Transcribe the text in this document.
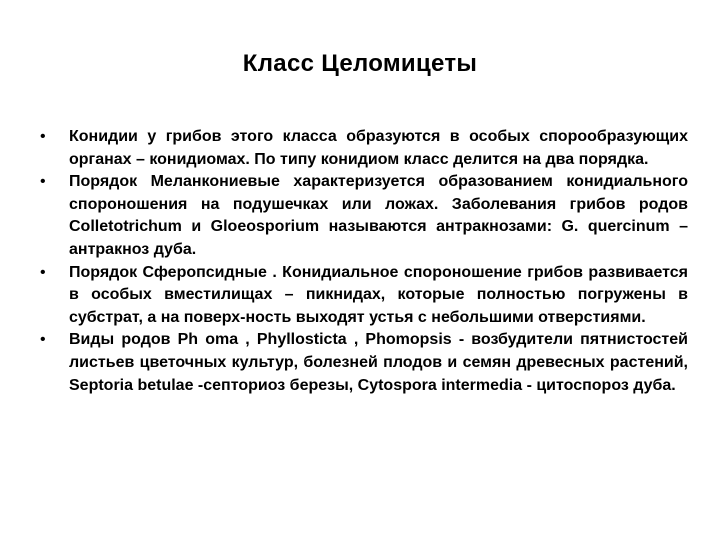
Класс Целомицеты
•	Конидии у грибов этого класса образуются в особых спорообразующих органах – конидиомах. По типу конидиом класс делится на два порядка.
•	Порядок Меланкониевые характеризуется образованием конидиального спороношения на подушечках или ложах. Заболевания грибов родов Colletotrichum и Gloeosporium называются антракнозами: G. quercinum – антракноз дуба.
•	Порядок Сферопсидные . Конидиальное спороношение грибов развивается в особых вместилищах – пикнидах, которые полностью погружены в субстрат, а на поверх-ность выходят устья с небольшими отверстиями.
•	Виды родов Ph oma , Phyllosticta , Phomopsis - возбудители пятнистостей листьев цветочных культур, болезней плодов и семян древесных растений, Septoria betulae -септориоз березы, Cytospora intermedia - цитоспороз дуба.
